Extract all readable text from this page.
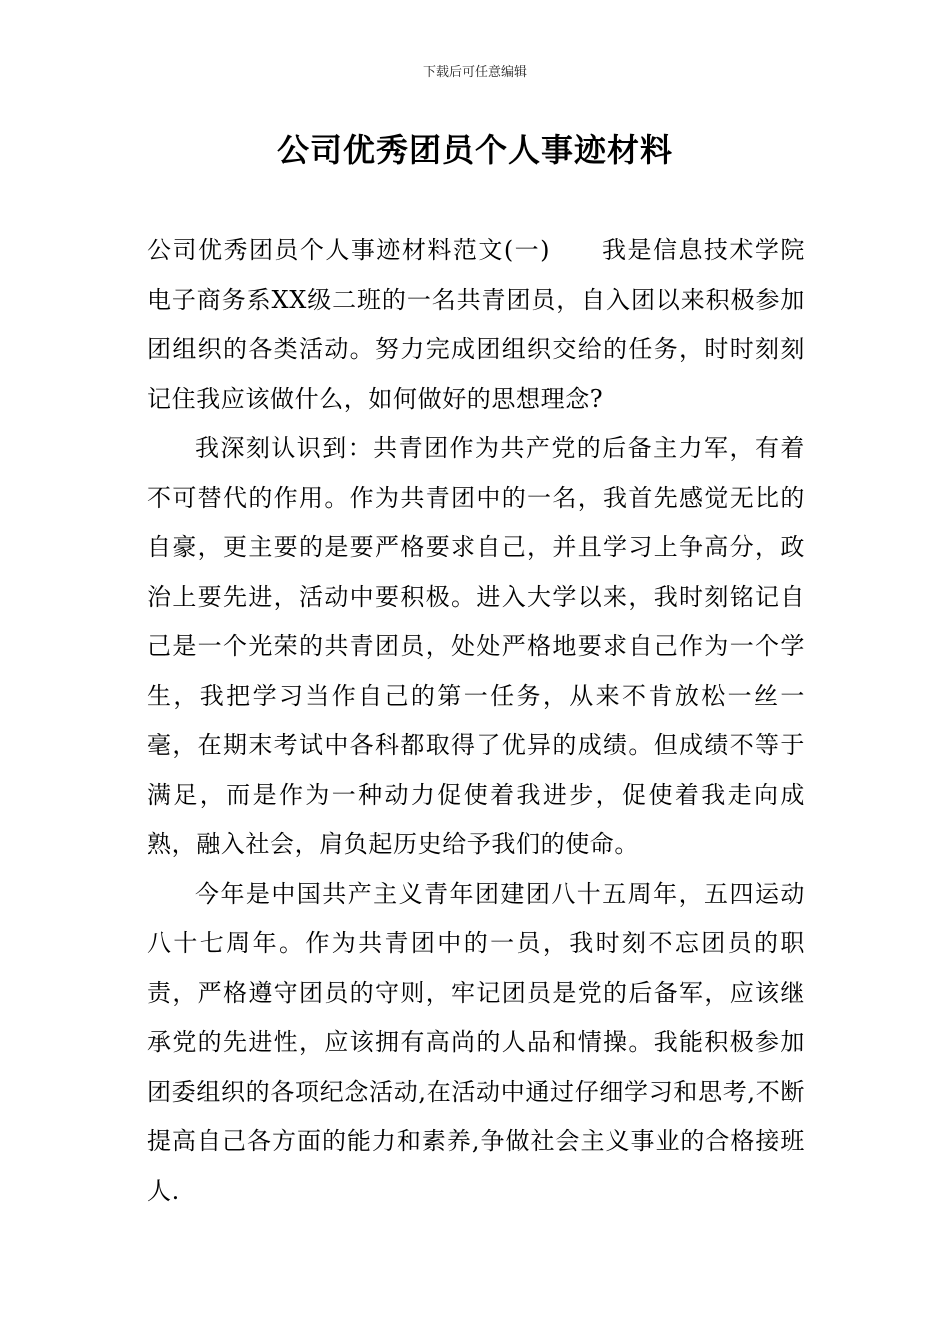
下载后可任意编辑
公司优秀团员个人事迹材料

公司优秀团员个人事迹材料范文(一)　　我是信息技术学院电子商务系XX级二班的一名共青团员，自入团以来积极参加团组织的各类活动。努力完成团组织交给的任务，时时刻刻记住我应该做什么，如何做好的思想理念?

我深刻认识到：共青团作为共产党的后备主力军，有着不可替代的作用。作为共青团中的一名，我首先感觉无比的自豪，更主要的是要严格要求自己，并且学习上争高分，政治上要先进，活动中要积极。进入大学以来，我时刻铭记自己是一个光荣的共青团员，处处严格地要求自己作为一个学生，我把学习当作自己的第一任务，从来不肯放松一丝一毫，在期末考试中各科都取得了优异的成绩。但成绩不等于满足，而是作为一种动力促使着我进步，促使着我走向成熟，融入社会，肩负起历史给予我们的使命。

今年是中国共产主义青年团建团八十五周年，五四运动八十七周年。作为共青团中的一员，我时刻不忘团员的职责，严格遵守团员的守则，牢记团员是党的后备军，应该继承党的先进性，应该拥有高尚的人品和情操。我能积极参加团委组织的各项纪念活动,在活动中通过仔细学习和思考,不断提高自己各方面的能力和素养,争做社会主义事业的合格接班人.
